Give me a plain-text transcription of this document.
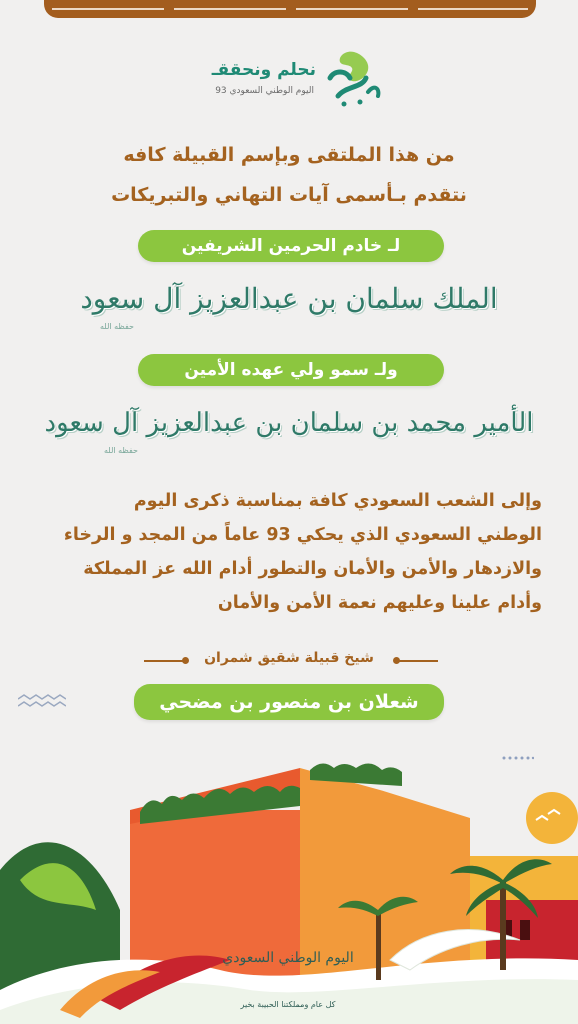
نحلم ونحققـ
اليوم الوطني السعودي 93
من هذا الملتقى وبإسم القبيلة كافه
نتقدم بـأسمى آيات التهاني والتبريكات
لـ خادم الحرمين الشريفين
الملك سلمان بن عبدالعزيز آل سعود
حفظه الله
ولـ سمو ولي عهده الأمين
الأمير محمد بن سلمان بن عبدالعزيز آل سعود
حفظه الله
وإلى الشعب السعودي كافة بمناسبة ذكرى اليوم
الوطني السعودي الذي يحكي 93 عاماً من المجد و الرخاء
والازدهار والأمن والأمان والتطور أدام الله عز المملكة
وأدام علينا وعليهم نعمة الأمن والأمان
شيخ قبيلة شقيق شمران
شعلان بن منصور بن مضحي
اليوم الوطني السعودي
كل عام ومملكتنا الحبيبة بخير
